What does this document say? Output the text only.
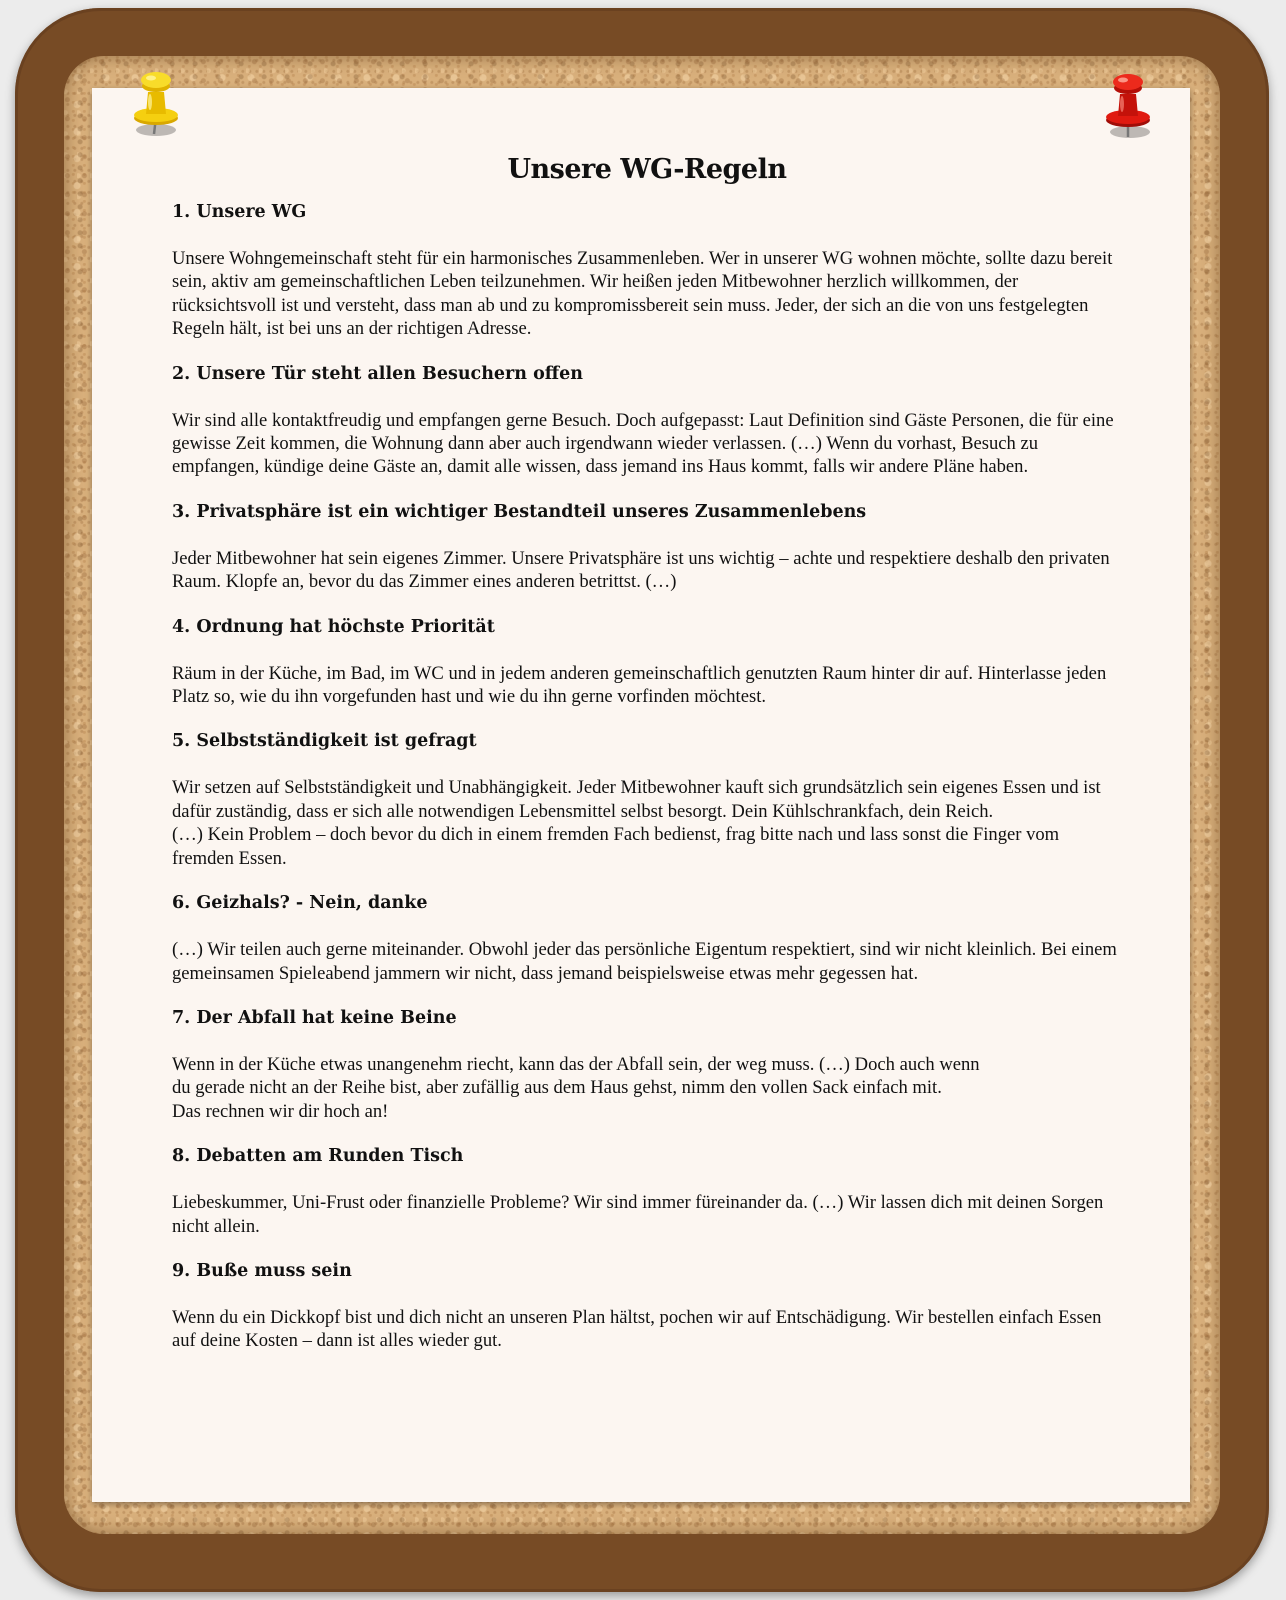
Unsere WG-Regeln
1. Unsere WG
Unsere Wohngemeinschaft steht für ein harmonisches Zusammenleben. Wer in unserer WG wohnen möchte, sollte dazu bereit sein, aktiv am gemeinschaftlichen Leben teilzunehmen. Wir heißen jeden Mitbewohner herzlich willkommen, der rücksichtsvoll ist und versteht, dass man ab und zu kompromissbereit sein muss. Jeder, der sich an die von uns festgelegten Regeln hält, ist bei uns an der richtigen Adresse.
2. Unsere Tür steht allen Besuchern offen
Wir sind alle kontaktfreudig und empfangen gerne Besuch. Doch aufgepasst: Laut Definition sind Gäste Personen, die für eine gewisse Zeit kommen, die Wohnung dann aber auch irgendwann wieder verlassen. (…) Wenn du vorhast, Besuch zu empfangen, kündige deine Gäste an, damit alle wissen, dass jemand ins Haus kommt, falls wir andere Pläne haben.
3. Privatsphäre ist ein wichtiger Bestandteil unseres Zusammenlebens
Jeder Mitbewohner hat sein eigenes Zimmer. Unsere Privatsphäre ist uns wichtig – achte und respektiere deshalb den privaten Raum. Klopfe an, bevor du das Zimmer eines anderen betrittst. (…)
4. Ordnung hat höchste Priorität
Räum in der Küche, im Bad, im WC und in jedem anderen gemeinschaftlich genutzten Raum hinter dir auf. Hinterlasse jeden Platz so, wie du ihn vorgefunden hast und wie du ihn gerne vorfinden möchtest.
5. Selbstständigkeit ist gefragt
Wir setzen auf Selbstständigkeit und Unabhängigkeit. Jeder Mitbewohner kauft sich grundsätzlich sein eigenes Essen und ist dafür zuständig, dass er sich alle notwendigen Lebensmittel selbst besorgt. Dein Kühlschrankfach, dein Reich.
(…) Kein Problem – doch bevor du dich in einem fremden Fach bedienst, frag bitte nach und lass sonst die Finger vom fremden Essen.
6. Geizhals? - Nein, danke
(…) Wir teilen auch gerne miteinander. Obwohl jeder das persönliche Eigentum respektiert, sind wir nicht kleinlich. Bei einem gemeinsamen Spieleabend jammern wir nicht, dass jemand beispielsweise etwas mehr gegessen hat.
7. Der Abfall hat keine Beine
Wenn in der Küche etwas unangenehm riecht, kann das der Abfall sein, der weg muss. (…) Doch auch wenn
du gerade nicht an der Reihe bist, aber zufällig aus dem Haus gehst, nimm den vollen Sack einfach mit.
Das rechnen wir dir hoch an!
8. Debatten am Runden Tisch
Liebeskummer, Uni-Frust oder finanzielle Probleme? Wir sind immer füreinander da. (…) Wir lassen dich mit deinen Sorgen nicht allein.
9. Buße muss sein
Wenn du ein Dickkopf bist und dich nicht an unseren Plan hältst, pochen wir auf Entschädigung. Wir bestellen einfach Essen auf deine Kosten – dann ist alles wieder gut.
